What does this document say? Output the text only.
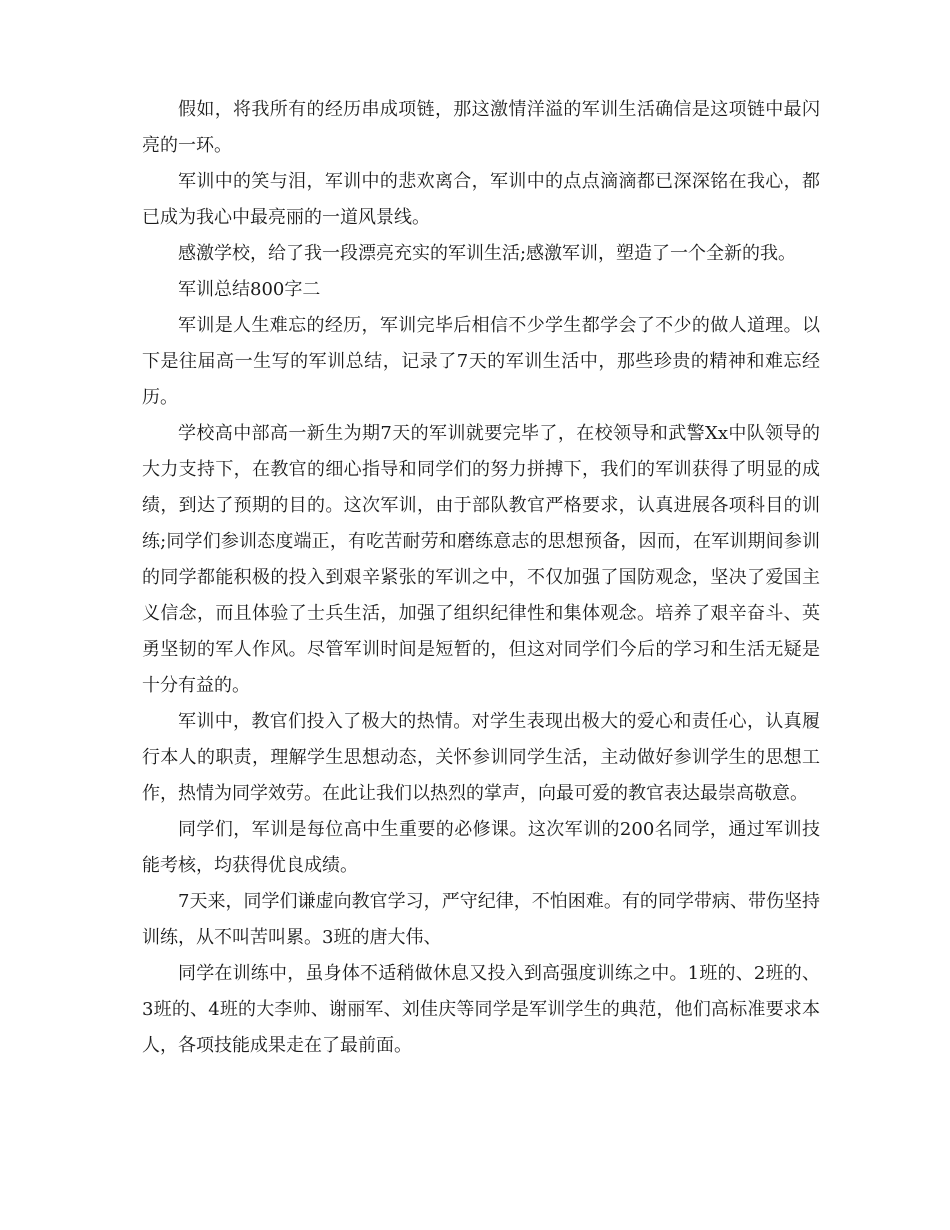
假如，将我所有的经历串成项链，那这激情洋溢的军训生活确信是这项链中最闪亮的一环。

军训中的笑与泪，军训中的悲欢离合，军训中的点点滴滴都已深深铭在我心，都已成为我心中最亮丽的一道风景线。

感激学校，给了我一段漂亮充实的军训生活;感激军训，塑造了一个全新的我。

军训总结800字二

军训是人生难忘的经历，军训完毕后相信不少学生都学会了不少的做人道理。以下是往届高一生写的军训总结，记录了7天的军训生活中，那些珍贵的精神和难忘经历。

学校高中部高一新生为期7天的军训就要完毕了，在校领导和武警Xx中队领导的大力支持下，在教官的细心指导和同学们的努力拼搏下，我们的军训获得了明显的成绩，到达了预期的目的。这次军训，由于部队教官严格要求，认真进展各项科目的训练;同学们参训态度端正，有吃苦耐劳和磨练意志的思想预备，因而，在军训期间参训的同学都能积极的投入到艰辛紧张的军训之中，不仅加强了国防观念，坚决了爱国主义信念，而且体验了士兵生活，加强了组织纪律性和集体观念。培养了艰辛奋斗、英勇坚韧的军人作风。尽管军训时间是短暂的，但这对同学们今后的学习和生活无疑是十分有益的。

军训中，教官们投入了极大的热情。对学生表现出极大的爱心和责任心，认真履行本人的职责，理解学生思想动态，关怀参训同学生活，主动做好参训学生的思想工作，热情为同学效劳。在此让我们以热烈的掌声，向最可爱的教官表达最崇高敬意。

同学们，军训是每位高中生重要的必修课。这次军训的200名同学，通过军训技能考核，均获得优良成绩。

7天来，同学们谦虚向教官学习，严守纪律，不怕困难。有的同学带病、带伤坚持训练，从不叫苦叫累。3班的唐大伟、

同学在训练中，虽身体不适稍做休息又投入到高强度训练之中。1班的、2班的、3班的、4班的大李帅、谢丽军、刘佳庆等同学是军训学生的典范，他们高标准要求本人，各项技能成果走在了最前面。
